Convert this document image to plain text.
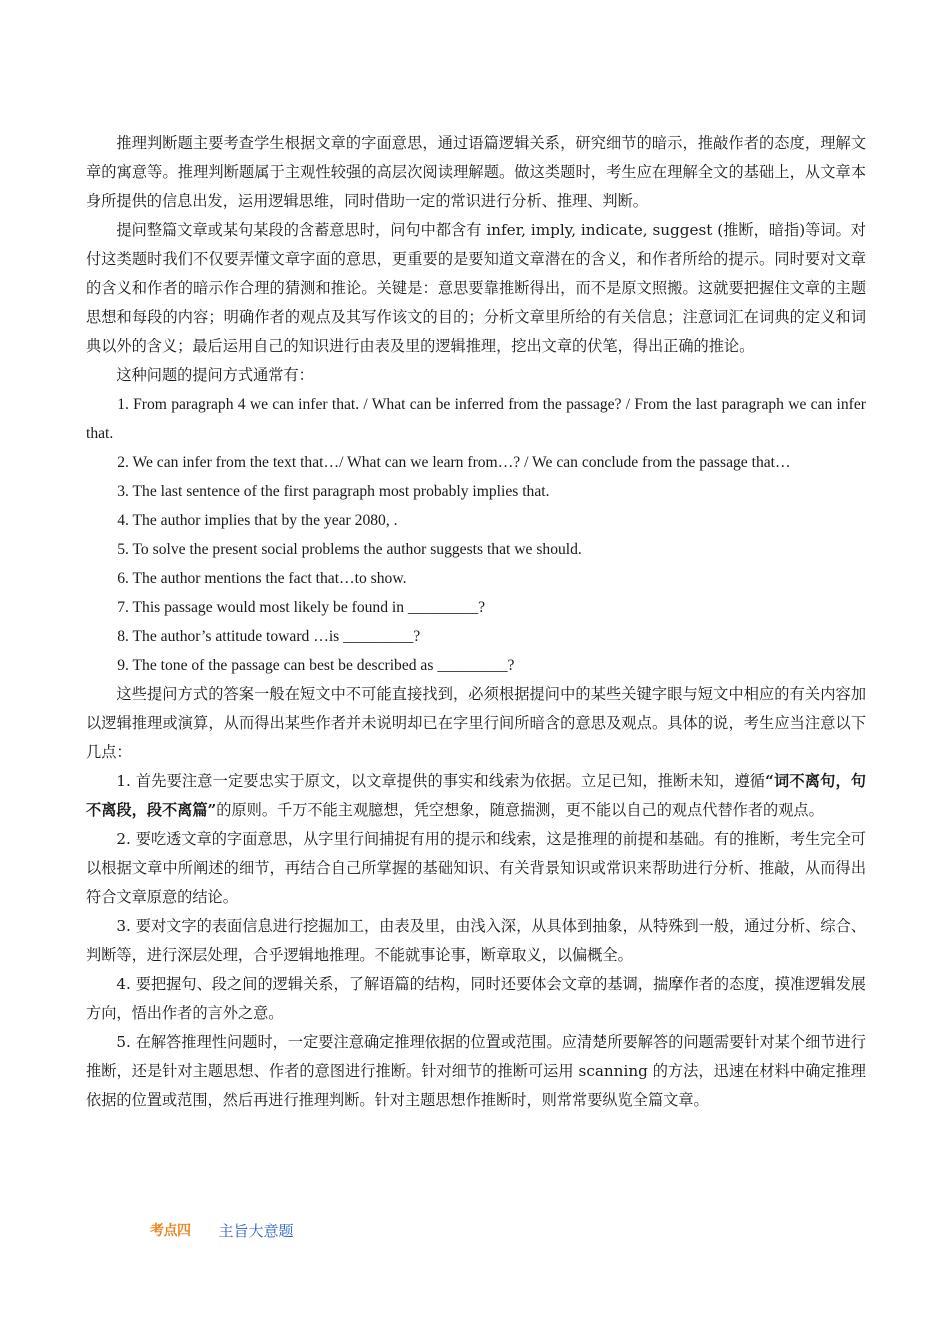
推理判断题主要考查学生根据文章的字面意思，通过语篇逻辑关系，研究细节的暗示，推敲作者的态度，理解文章的寓意等。推理判断题属于主观性较强的高层次阅读理解题。做这类题时，考生应在理解全文的基础上，从文章本身所提供的信息出发，运用逻辑思维，同时借助一定的常识进行分析、推理、判断。

提问整篇文章或某句某段的含蓄意思时，问句中都含有 infer, imply, indicate, suggest (推断，暗指)等词。对付这类题时我们不仅要弄懂文章字面的意思，更重要的是要知道文章潜在的含义，和作者所给的提示。同时要对文章的含义和作者的暗示作合理的猜测和推论。关键是：意思要靠推断得出，而不是原文照搬。这就要把握住文章的主题思想和每段的内容；明确作者的观点及其写作该文的目的；分析文章里所给的有关信息；注意词汇在词典的定义和词典以外的含义；最后运用自己的知识进行由表及里的逻辑推理，挖出文章的伏笔，得出正确的推论。

这种问题的提问方式通常有：

1. From paragraph 4 we can infer that. / What can be inferred from the passage? / From the last paragraph we can infer that.

2. We can infer from the text that…/ What can we learn from…? / We can conclude from the passage that…

3. The last sentence of the first paragraph most probably implies that.

4. The author implies that by the year 2080, .

5. To solve the present social problems the author suggests that we should.

6. The author mentions the fact that…to show.

7. This passage would most likely be found in _________?

8. The author’s attitude toward …is _________?

9. The tone of the passage can best be described as _________?

这些提问方式的答案一般在短文中不可能直接找到，必须根据提问中的某些关键字眼与短文中相应的有关内容加以逻辑推理或演算，从而得出某些作者并未说明却已在字里行间所暗含的意思及观点。具体的说，考生应当注意以下几点：

1. 首先要注意一定要忠实于原文，以文章提供的事实和线索为依据。立足已知，推断未知，遵循“词不离句，句不离段，段不离篇”的原则。千万不能主观臆想，凭空想象，随意揣测，更不能以自己的观点代替作者的观点。

2. 要吃透文章的字面意思，从字里行间捕捉有用的提示和线索，这是推理的前提和基础。有的推断，考生完全可以根据文章中所阐述的细节，再结合自己所掌握的基础知识、有关背景知识或常识来帮助进行分析、推敲，从而得出符合文章原意的结论。

3. 要对文字的表面信息进行挖掘加工，由表及里，由浅入深，从具体到抽象，从特殊到一般，通过分析、综合、判断等，进行深层处理，合乎逻辑地推理。不能就事论事，断章取义，以偏概全。

4. 要把握句、段之间的逻辑关系，了解语篇的结构，同时还要体会文章的基调，揣摩作者的态度，摸准逻辑发展方向，悟出作者的言外之意。

5. 在解答推理性问题时，一定要注意确定推理依据的位置或范围。应清楚所要解答的问题需要针对某个细节进行推断，还是针对主题思想、作者的意图进行推断。针对细节的推断可运用 scanning 的方法，迅速在材料中确定推理依据的位置或范围，然后再进行推理判断。针对主题思想作推断时，则常常要纵览全篇文章。

考点四 主旨大意题
